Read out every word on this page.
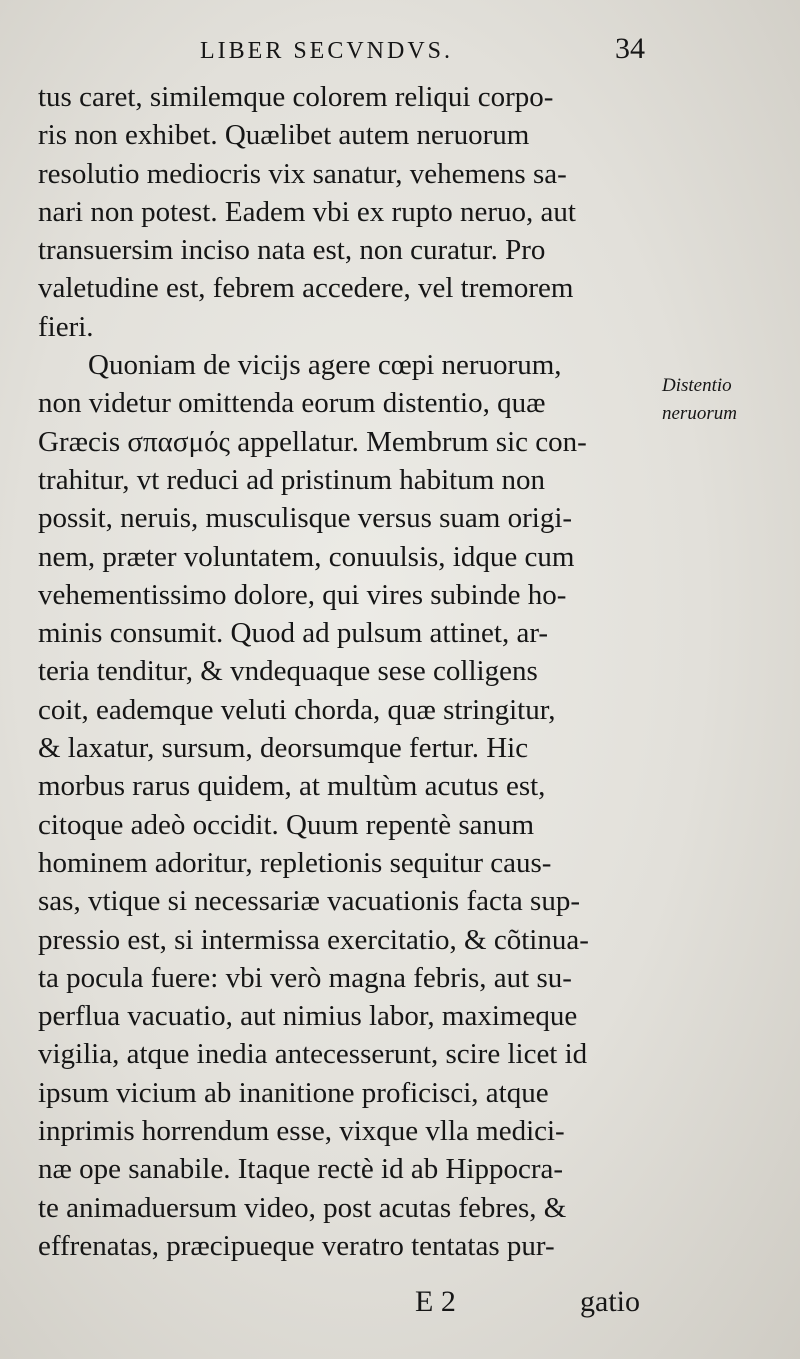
LIBER SECVNDVS.	34
tus caret, similemque colorem reliqui corpo-
ris non exhibet. Quælibet autem neruorum
resolutio mediocris vix sanatur, vehemens sa-
nari non potest. Eadem vbi ex rupto neruo, aut
transuersim inciso nata est, non curatur. Pro
valetudine est, febrem accedere, vel tremorem
fieri.
Quoniam de vicijs agere cœpi neruorum,
non videtur omittenda eorum distentio, quæ
Græcis σπασμός appellatur. Membrum sic con-
trahitur, vt reduci ad pristinum habitum non
possit, neruis, musculisque versus suam origi-
nem, præter voluntatem, conuulsis, idque cum
vehementissimo dolore, qui vires subinde ho-
minis consumit. Quod ad pulsum attinet, ar-
teria tenditur, & vndequaque sese colligens
coit, eademque veluti chorda, quæ stringitur,
& laxatur, sursum, deorsumque fertur. Hic
morbus rarus quidem, at multùm acutus est,
citoque adeò occidit. Quum repentè sanum
hominem adoritur, repletionis sequitur caus-
sas, vtique si necessariæ vacuationis facta sup-
pressio est, si intermissa exercitatio, & cõtinua-
ta pocula fuere: vbi verò magna febris, aut su-
perflua vacuatio, aut nimius labor, maximeque
vigilia, atque inedia antecesserunt, scire licet id
ipsum vicium ab inanitione proficisci, atque
inprimis horrendum esse, vixque vlla medici-
næ ope sanabile. Itaque rectè id ab Hippocra-
te animaduersum video, post acutas febres, &
effrenatas, præcipueque veratro tentatas pur-
Distentio
neruorum
E 2	gatio
